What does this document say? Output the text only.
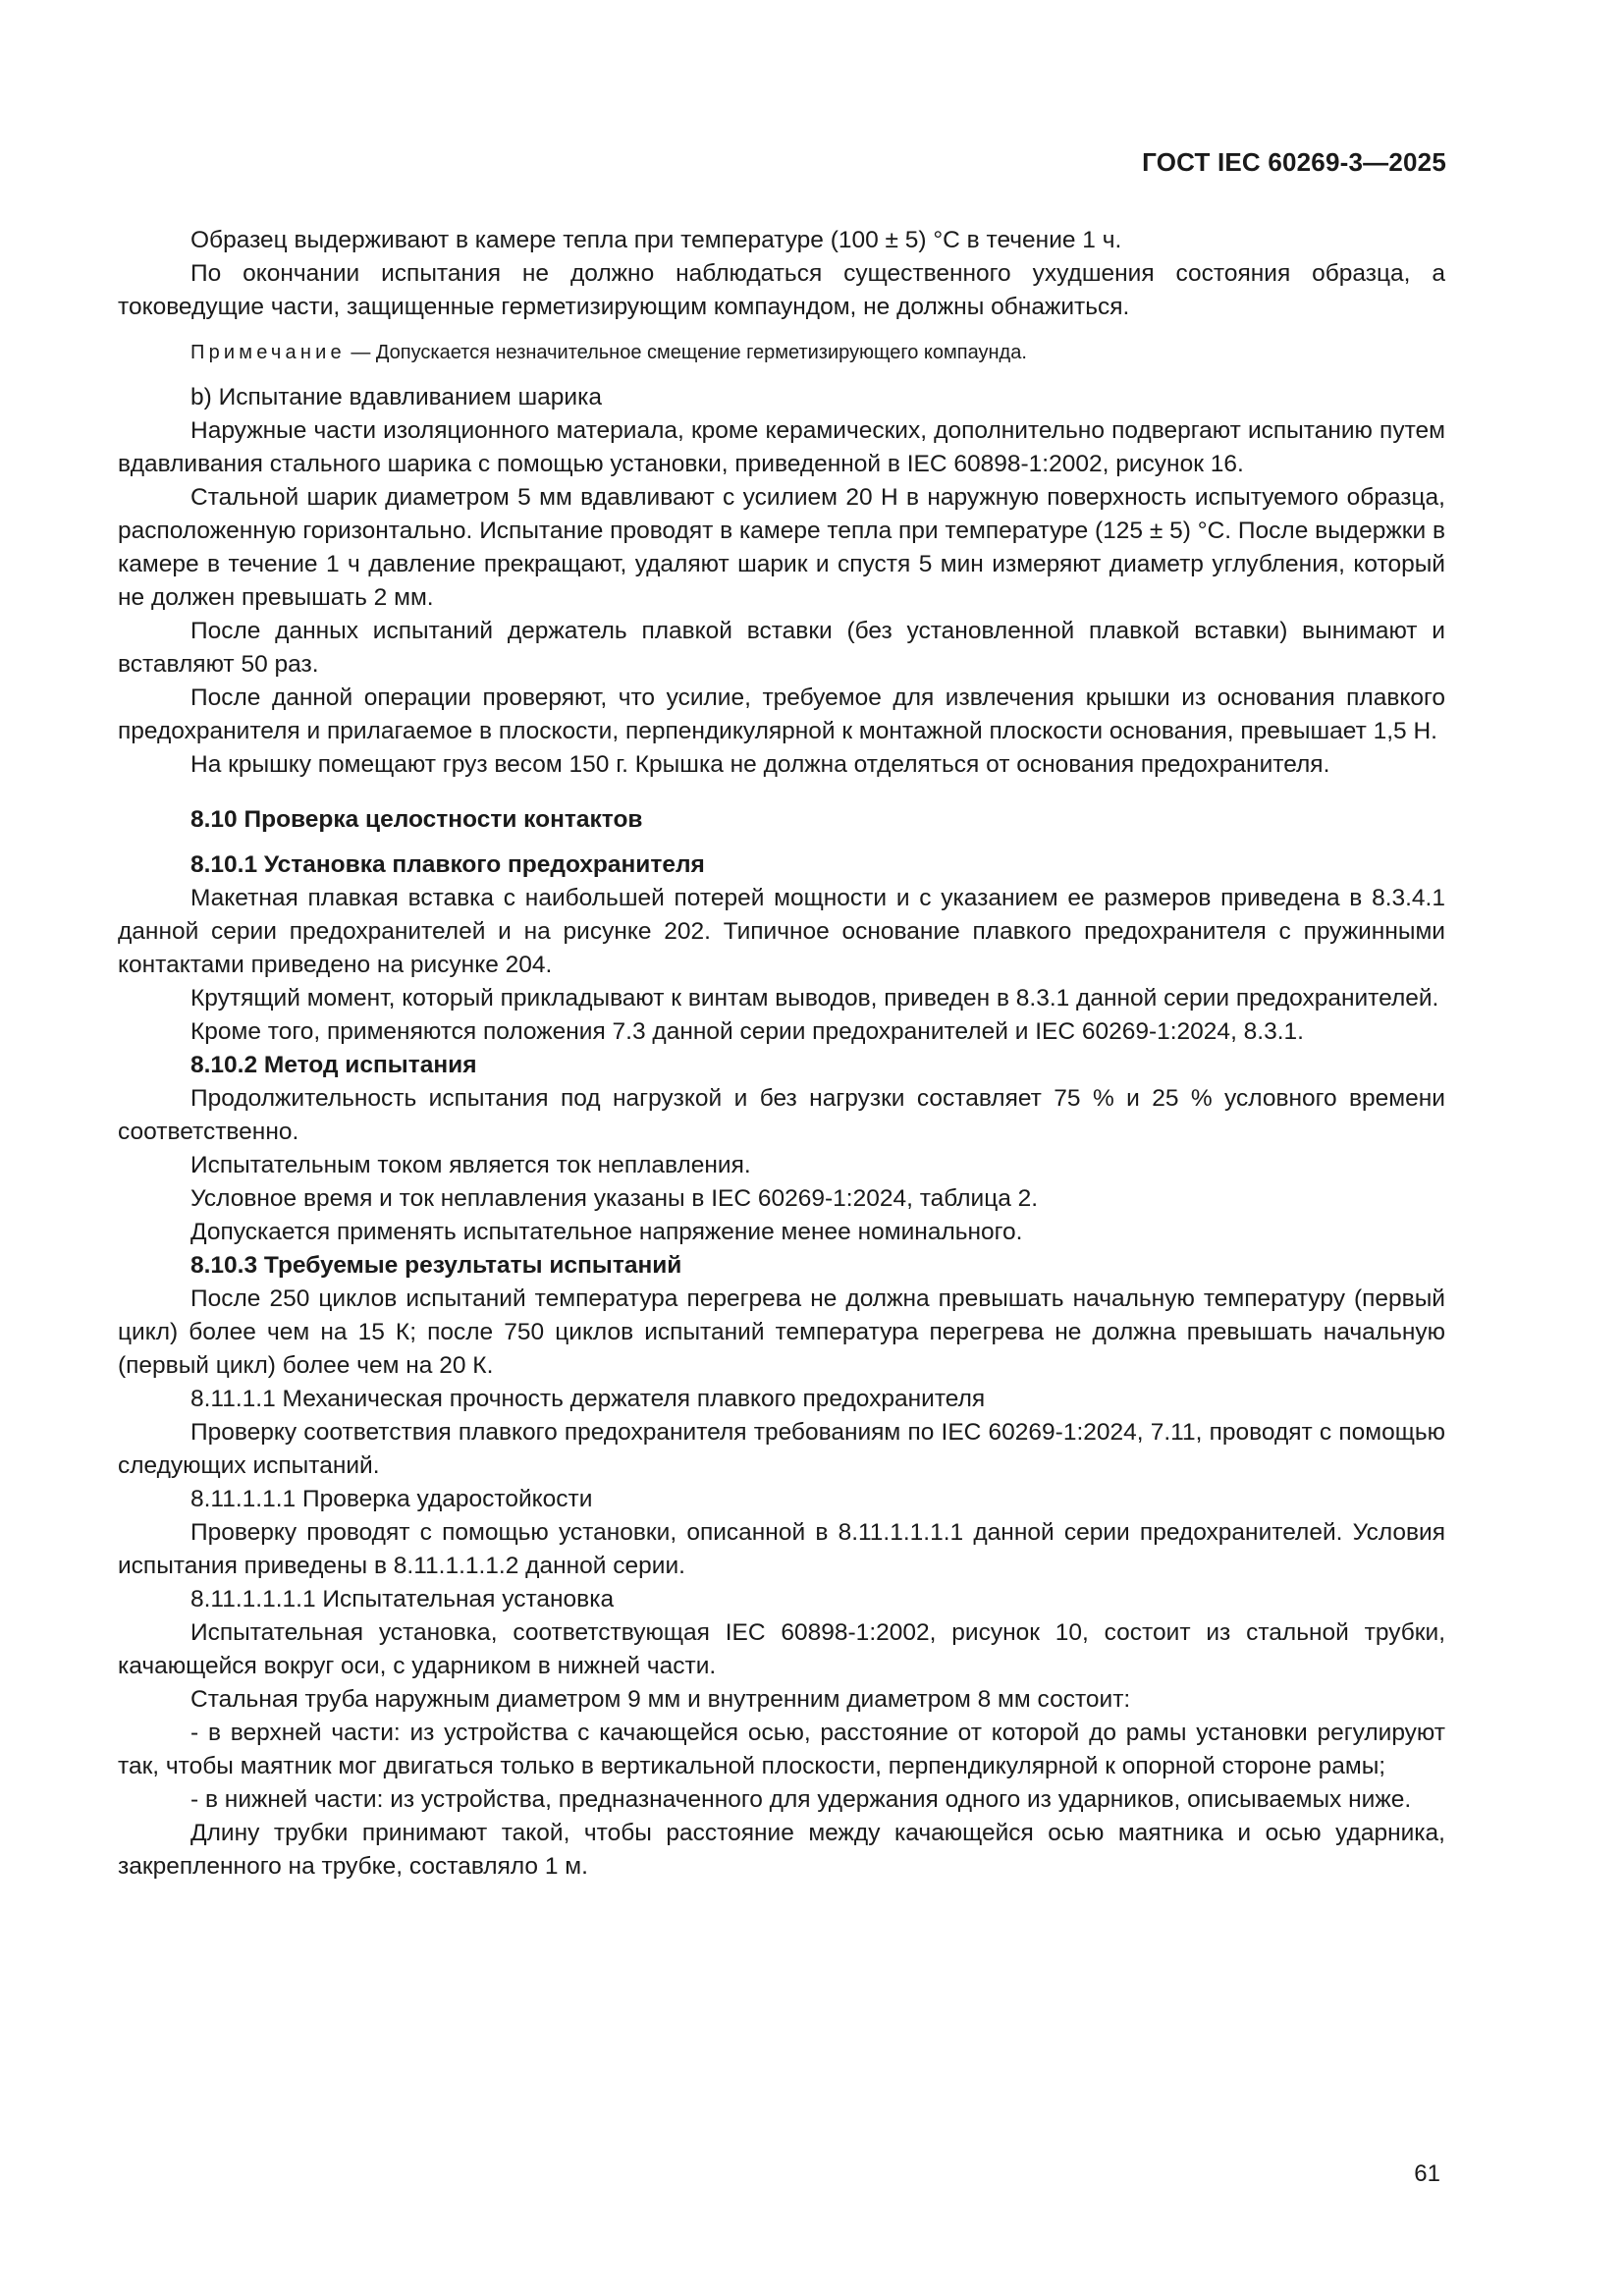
ГОСТ IEC 60269-3—2025

Образец выдерживают в камере тепла при температуре (100 ± 5) °С в течение 1 ч.

По окончании испытания не должно наблюдаться существенного ухудшения состояния образца, а токоведущие части, защищенные герметизирующим компаундом, не должны обнажиться.

Примечание — Допускается незначительное смещение герметизирующего компаунда.

b) Испытание вдавливанием шарика

Наружные части изоляционного материала, кроме керамических, дополнительно подвергают испытанию путем вдавливания стального шарика с помощью установки, приведенной в IEC 60898-1:2002, рисунок 16.

Стальной шарик диаметром 5 мм вдавливают с усилием 20 Н в наружную поверхность испытуемого образца, расположенную горизонтально. Испытание проводят в камере тепла при температуре (125 ± 5) °С. После выдержки в камере в течение 1 ч давление прекращают, удаляют шарик и спустя 5 мин измеряют диаметр углубления, который не должен превышать 2 мм.

После данных испытаний держатель плавкой вставки (без установленной плавкой вставки) вынимают и вставляют 50 раз.

После данной операции проверяют, что усилие, требуемое для извлечения крышки из основания плавкого предохранителя и прилагаемое в плоскости, перпендикулярной к монтажной плоскости основания, превышает 1,5 Н.

На крышку помещают груз весом 150 г. Крышка не должна отделяться от основания предохранителя.

8.10 Проверка целостности контактов

8.10.1 Установка плавкого предохранителя

Макетная плавкая вставка с наибольшей потерей мощности и с указанием ее размеров приведена в 8.3.4.1 данной серии предохранителей и на рисунке 202. Типичное основание плавкого предохранителя с пружинными контактами приведено на рисунке 204.

Крутящий момент, который прикладывают к винтам выводов, приведен в 8.3.1 данной серии предохранителей.

Кроме того, применяются положения 7.3 данной серии предохранителей и IEC 60269-1:2024, 8.3.1.

8.10.2 Метод испытания

Продолжительность испытания под нагрузкой и без нагрузки составляет 75 % и 25 % условного времени соответственно.

Испытательным током является ток неплавления.

Условное время и ток неплавления указаны в IEC 60269-1:2024, таблица 2.

Допускается применять испытательное напряжение менее номинального.

8.10.3 Требуемые результаты испытаний

После 250 циклов испытаний температура перегрева не должна превышать начальную температуру (первый цикл) более чем на 15 К; после 750 циклов испытаний температура перегрева не должна превышать начальную (первый цикл) более чем на 20 К.

8.11.1.1 Механическая прочность держателя плавкого предохранителя

Проверку соответствия плавкого предохранителя требованиям по IEC 60269-1:2024, 7.11, проводят с помощью следующих испытаний.

8.11.1.1.1 Проверка ударостойкости

Проверку проводят с помощью установки, описанной в 8.11.1.1.1.1 данной серии предохранителей. Условия испытания приведены в 8.11.1.1.1.2 данной серии.

8.11.1.1.1.1 Испытательная установка

Испытательная установка, соответствующая IEC 60898-1:2002, рисунок 10, состоит из стальной трубки, качающейся вокруг оси, с ударником в нижней части.

Стальная труба наружным диаметром 9 мм и внутренним диаметром 8 мм состоит:

- в верхней части: из устройства с качающейся осью, расстояние от которой до рамы установки регулируют так, чтобы маятник мог двигаться только в вертикальной плоскости, перпендикулярной к опорной стороне рамы;

- в нижней части: из устройства, предназначенного для удержания одного из ударников, описываемых ниже.

Длину трубки принимают такой, чтобы расстояние между качающейся осью маятника и осью ударника, закрепленного на трубке, составляло 1 м.

61
